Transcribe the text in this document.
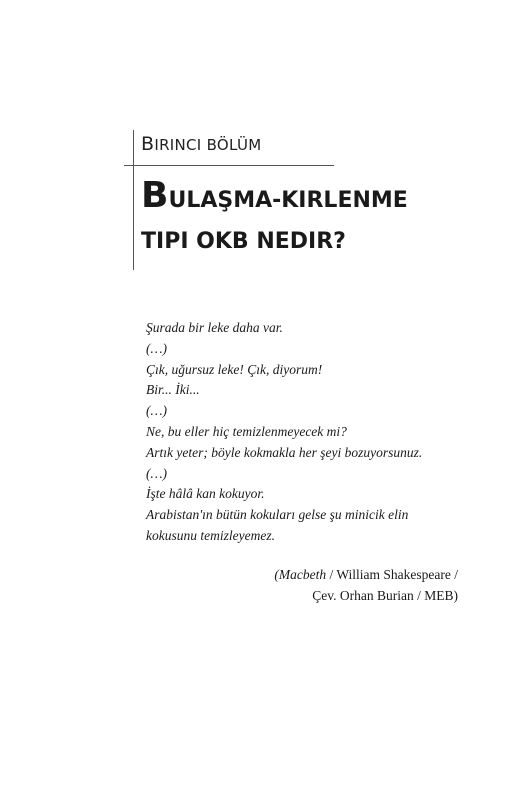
BIRINCI BÖLÜM
BULAŞMA-KIRLENME
TIPI OKB NEDIR?
Şurada bir leke daha var.
(…)
Çık, uğursuz leke! Çık, diyorum!
Bir... İki...
(…)
Ne, bu eller hiç temizlenmeyecek mi?
Artık yeter; böyle kokmakla her şeyi bozuyorsunuz.
(…)
İşte hâlâ kan kokuyor.
Arabistan'ın bütün kokuları gelse şu minicik elin
kokusunu temizleyemez.
(Macbeth / William Shakespeare /
Çev. Orhan Burian / MEB)
